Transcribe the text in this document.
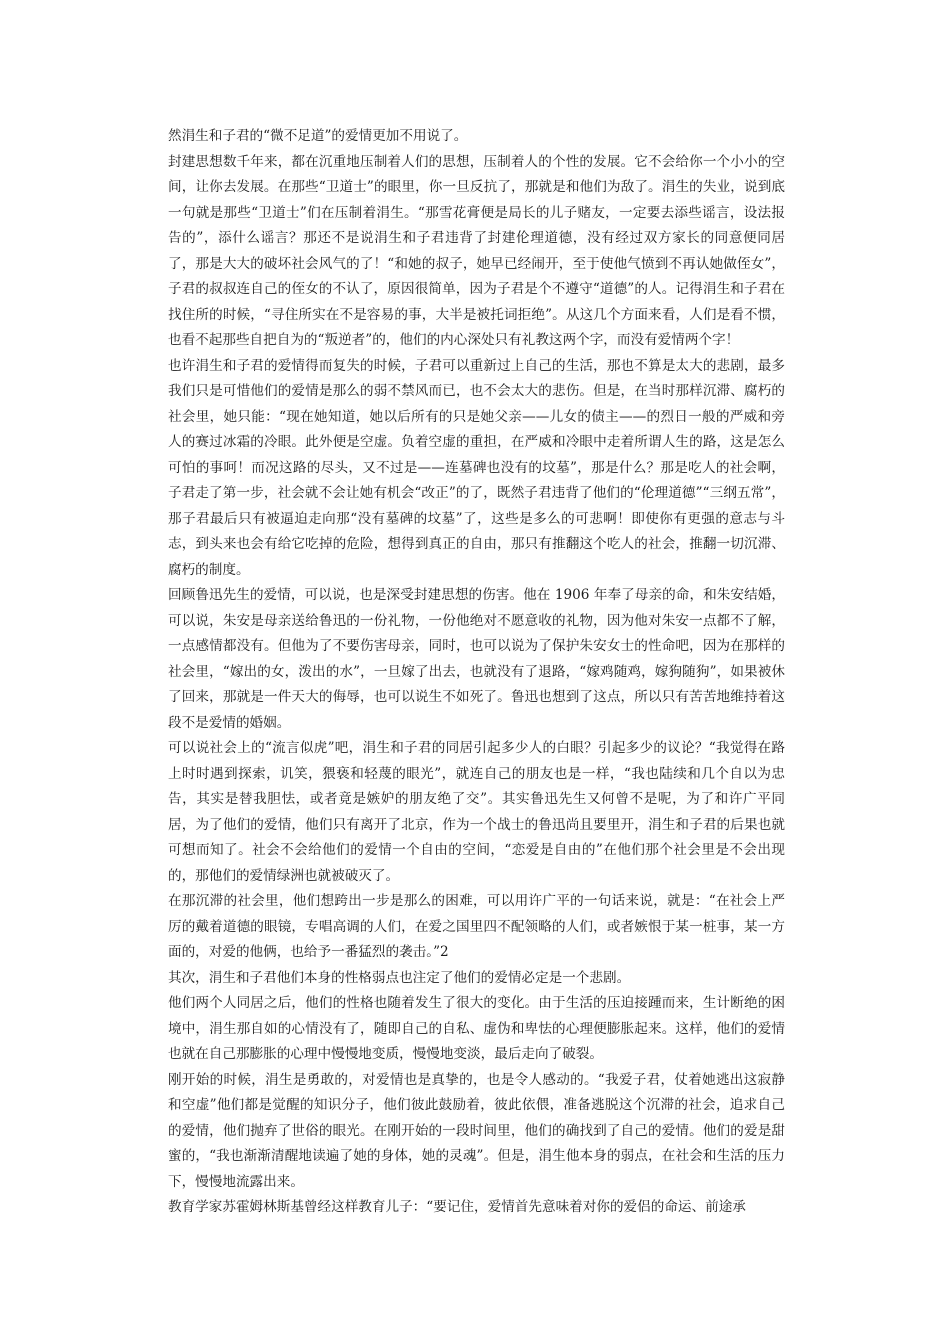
然涓生和子君的“微不足道”的爱情更加不用说了。

封建思想数千年来，都在沉重地压制着人们的思想，压制着人的个性的发展。它不会给你一个小小的空间，让你去发展。在那些“卫道士”的眼里，你一旦反抗了，那就是和他们为敌了。涓生的失业，说到底一句就是那些“卫道士”们在压制着涓生。“那雪花膏便是局长的儿子赌友，一定要去添些谣言，设法报告的”，添什么谣言？那还不是说涓生和子君违背了封建伦理道德，没有经过双方家长的同意便同居了，那是大大的破坏社会风气的了！“和她的叔子，她早已经闹开，至于使他气愤到不再认她做侄女”，子君的叔叔连自己的侄女的不认了，原因很简单，因为子君是个不遵守“道德”的人。记得涓生和子君在找住所的时候，“寻住所实在不是容易的事，大半是被托词拒绝”。从这几个方面来看，人们是看不惯，也看不起那些自把自为的“叛逆者”的，他们的内心深处只有礼教这两个字，而没有爱情两个字！

也许涓生和子君的爱情得而复失的时候，子君可以重新过上自己的生活，那也不算是太大的悲剧，最多我们只是可惜他们的爱情是那么的弱不禁风而已，也不会太大的悲伤。但是，在当时那样沉滞、腐朽的社会里，她只能：“现在她知道，她以后所有的只是她父亲——儿女的债主——的烈日一般的严威和旁人的赛过冰霜的冷眼。此外便是空虚。负着空虚的重担，在严威和冷眼中走着所谓人生的路，这是怎么可怕的事呵！而况这路的尽头，又不过是——连墓碑也没有的坟墓”，那是什么？那是吃人的社会啊，子君走了第一步，社会就不会让她有机会“改正”的了，既然子君违背了他们的“伦理道德”“三纲五常”，那子君最后只有被逼迫走向那“没有墓碑的坟墓”了，这些是多么的可悲啊！即使你有更强的意志与斗志，到头来也会有给它吃掉的危险，想得到真正的自由，那只有推翻这个吃人的社会，推翻一切沉滞、腐朽的制度。

回顾鲁迅先生的爱情，可以说，也是深受封建思想的伤害。他在 1906 年奉了母亲的命，和朱安结婚，可以说，朱安是母亲送给鲁迅的一份礼物，一份他绝对不愿意收的礼物，因为他对朱安一点都不了解，一点感情都没有。但他为了不要伤害母亲，同时，也可以说为了保护朱安女士的性命吧，因为在那样的社会里，“嫁出的女，泼出的水”，一旦嫁了出去，也就没有了退路，“嫁鸡随鸡，嫁狗随狗”，如果被休了回来，那就是一件天大的侮辱，也可以说生不如死了。鲁迅也想到了这点，所以只有苦苦地维持着这段不是爱情的婚姻。

可以说社会上的“流言似虎”吧，涓生和子君的同居引起多少人的白眼？引起多少的议论？“我觉得在路上时时遇到探索，讥笑，猥亵和轻蔑的眼光”，就连自己的朋友也是一样，“我也陆续和几个自以为忠告，其实是替我胆怯，或者竟是嫉妒的朋友绝了交”。其实鲁迅先生又何曾不是呢，为了和许广平同居，为了他们的爱情，他们只有离开了北京，作为一个战士的鲁迅尚且要里开，涓生和子君的后果也就可想而知了。社会不会给他们的爱情一个自由的空间，“恋爱是自由的”在他们那个社会里是不会出现的，那他们的爱情绿洲也就被破灭了。

在那沉滞的社会里，他们想跨出一步是那么的困难，可以用许广平的一句话来说，就是：“在社会上严厉的戴着道德的眼镜，专唱高调的人们，在爱之国里四不配领略的人们，或者嫉恨于某一桩事，某一方面的，对爱的他俩，也给予一番猛烈的袭击。”2

其次，涓生和子君他们本身的性格弱点也注定了他们的爱情必定是一个悲剧。

他们两个人同居之后，他们的性格也随着发生了很大的变化。由于生活的压迫接踵而来，生计断绝的困境中，涓生那自如的心情没有了，随即自己的自私、虚伪和卑怯的心理便膨胀起来。这样，他们的爱情也就在自己那膨胀的心理中慢慢地变质，慢慢地变淡，最后走向了破裂。

刚开始的时候，涓生是勇敢的，对爱情也是真挚的，也是令人感动的。“我爱子君，仗着她逃出这寂静和空虚”他们都是觉醒的知识分子，他们彼此鼓励着，彼此依偎，准备逃脱这个沉滞的社会，追求自己的爱情，他们抛弃了世俗的眼光。在刚开始的一段时间里，他们的确找到了自己的爱情。他们的爱是甜蜜的，“我也渐渐清醒地读遍了她的身体，她的灵魂”。但是，涓生他本身的弱点，在社会和生活的压力下，慢慢地流露出来。

教育学家苏霍姆林斯基曾经这样教育儿子：“要记住，爱情首先意味着对你的爱侣的命运、前途承
